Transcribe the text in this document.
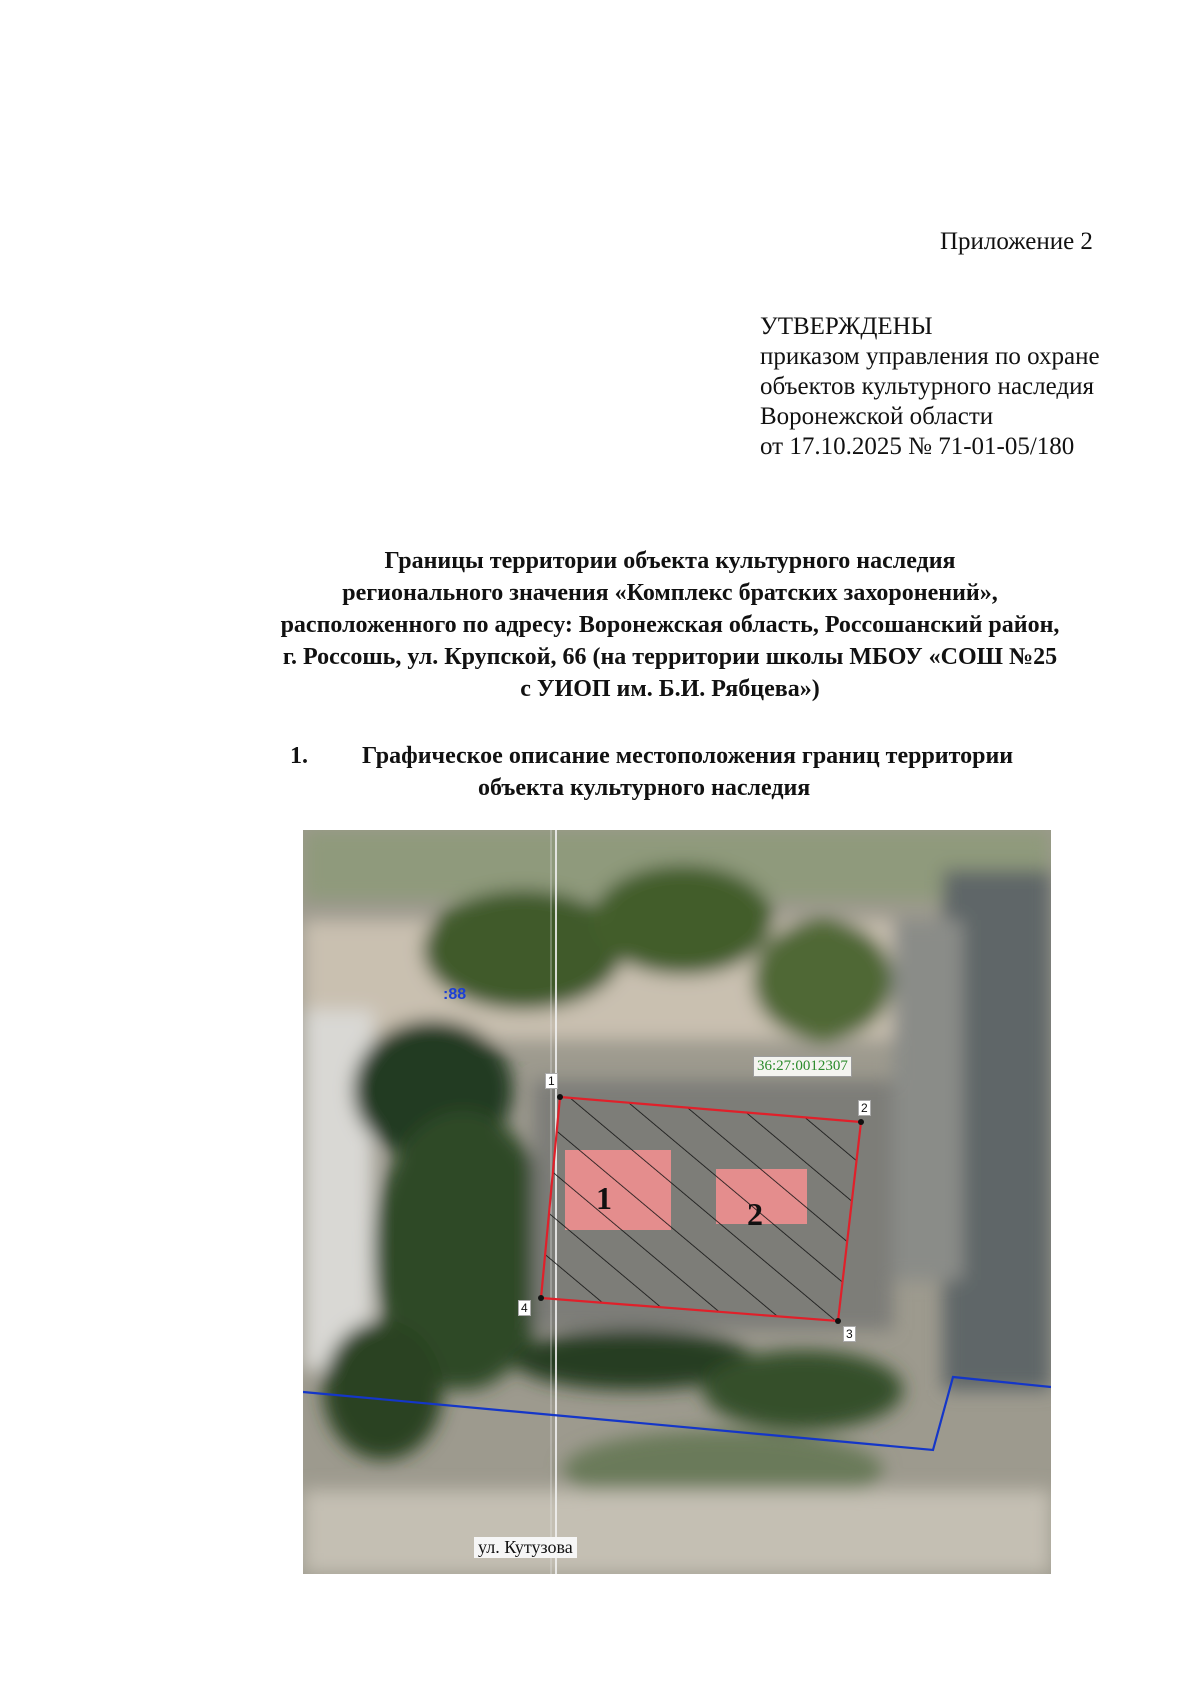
Приложение 2
УТВЕРЖДЕНЫ
приказом управления по охране
объектов культурного наследия
Воронежской области
от 17.10.2025 № 71-01-05/180
Границы территории объекта культурного наследия
регионального значения «Комплекс братских захоронений»,
расположенного по адресу: Воронежская область, Россошанский район,
г. Россошь, ул. Крупской, 66 (на территории школы МБОУ «СОШ №25
с УИОП им. Б.И. Рябцева»)
1. Графическое описание местоположения границ территории
объекта культурного наследия
:88
36:27:0012307
ул. Кутузова
1
2
3
4
1	2
